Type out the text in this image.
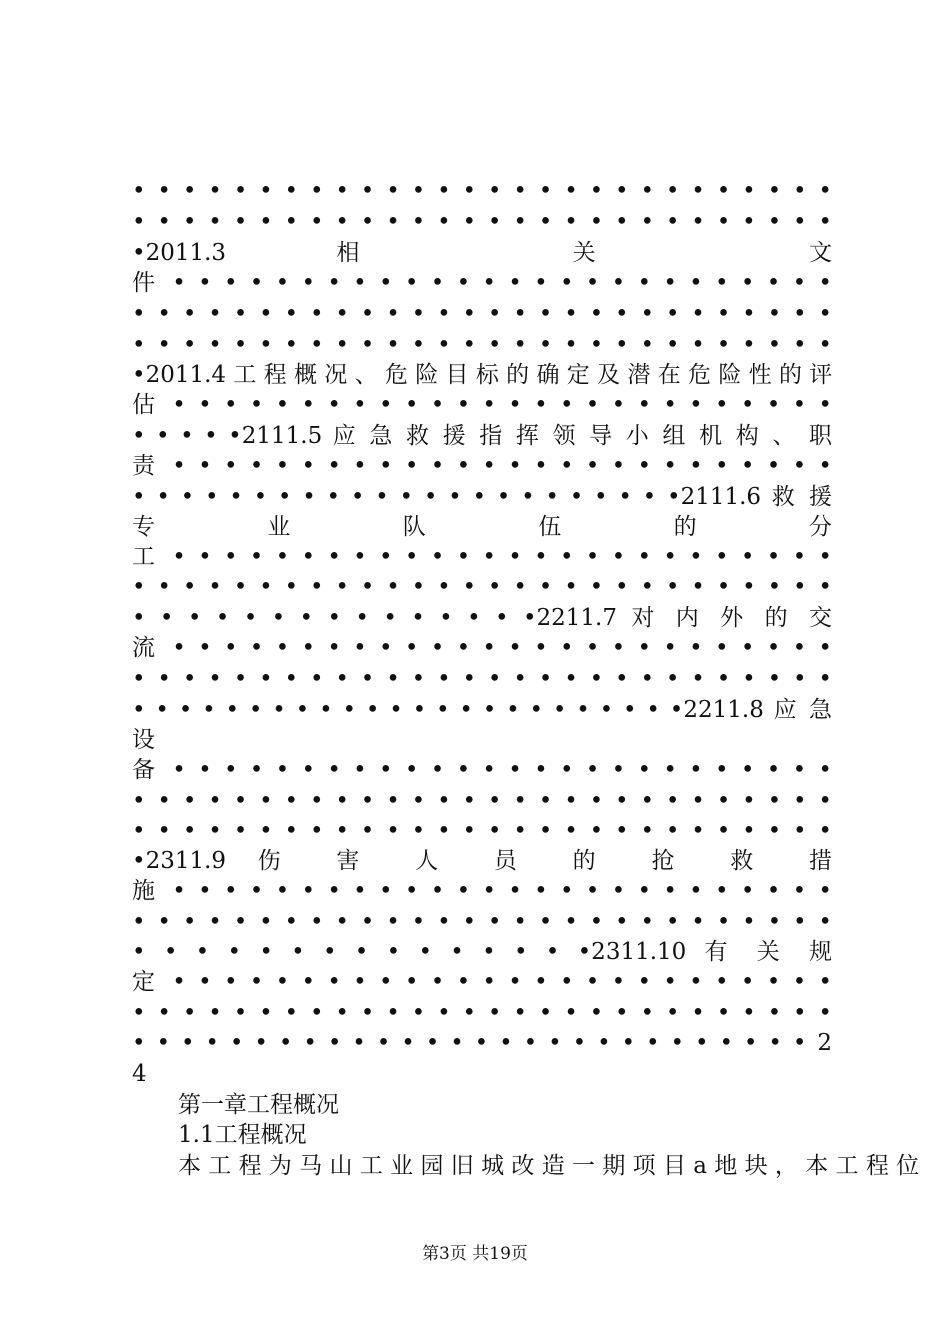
• • • • • • • • • • • • • • • • • • • • • • • • • • • •
• • • • • • • • • • • • • • • • • • • • • • • • • • • •
•2011.3 相 关 文
件 • • • • • • • • • • • • • • • • • • • • • • • • • •
• • • • • • • • • • • • • • • • • • • • • • • • • • • •
• • • • • • • • • • • • • • • • • • • • • • • • • • • •
•2011.4 工 程 概 况 、 危 险 目 标 的 确 定 及 潜 在 危 险 性 的 评
估 • • • • • • • • • • • • • • • • • • • • • • • • • •
• • • • •2111.5 应 急 救 援 指 挥 领 导 小 组 机 构 、 职
责 • • • • • • • • • • • • • • • • • • • • • • • • • •
• • • • • • • • • • • • • • • • • • • • • • •2111.6 救 援
专 业 队 伍 的 分
工 • • • • • • • • • • • • • • • • • • • • • • • • • •
• • • • • • • • • • • • • • • • • • • • • • • • • • • •
• • • • • • • • • • • • • • •2211.7 对 内 外 的 交
流 • • • • • • • • • • • • • • • • • • • • • • • • • •
• • • • • • • • • • • • • • • • • • • • • • • • • • • •
• • • • • • • • • • • • • • • • • • • • • • • •2211.8 应 急
设
备 • • • • • • • • • • • • • • • • • • • • • • • • • •
• • • • • • • • • • • • • • • • • • • • • • • • • • • •
• • • • • • • • • • • • • • • • • • • • • • • • • • • •
•2311.9 伤 害 人 员 的 抢 救 措
施 • • • • • • • • • • • • • • • • • • • • • • • • • •
• • • • • • • • • • • • • • • • • • • • • • • • • • • •
• • • • • • • • • • • • • • •2311.10 有 关 规
定 • • • • • • • • • • • • • • • • • • • • • • • • • •
• • • • • • • • • • • • • • • • • • • • • • • • • • • •
• • • • • • • • • • • • • • • • • • • • • • • • • • • • 2
4
第一章工程概况
1.1工程概况
本 工 程 为 马 山 工 业 园 旧 城 改 造 一 期 项 目 a 地 块 ， 本 工 程 位
第3页 共19页
